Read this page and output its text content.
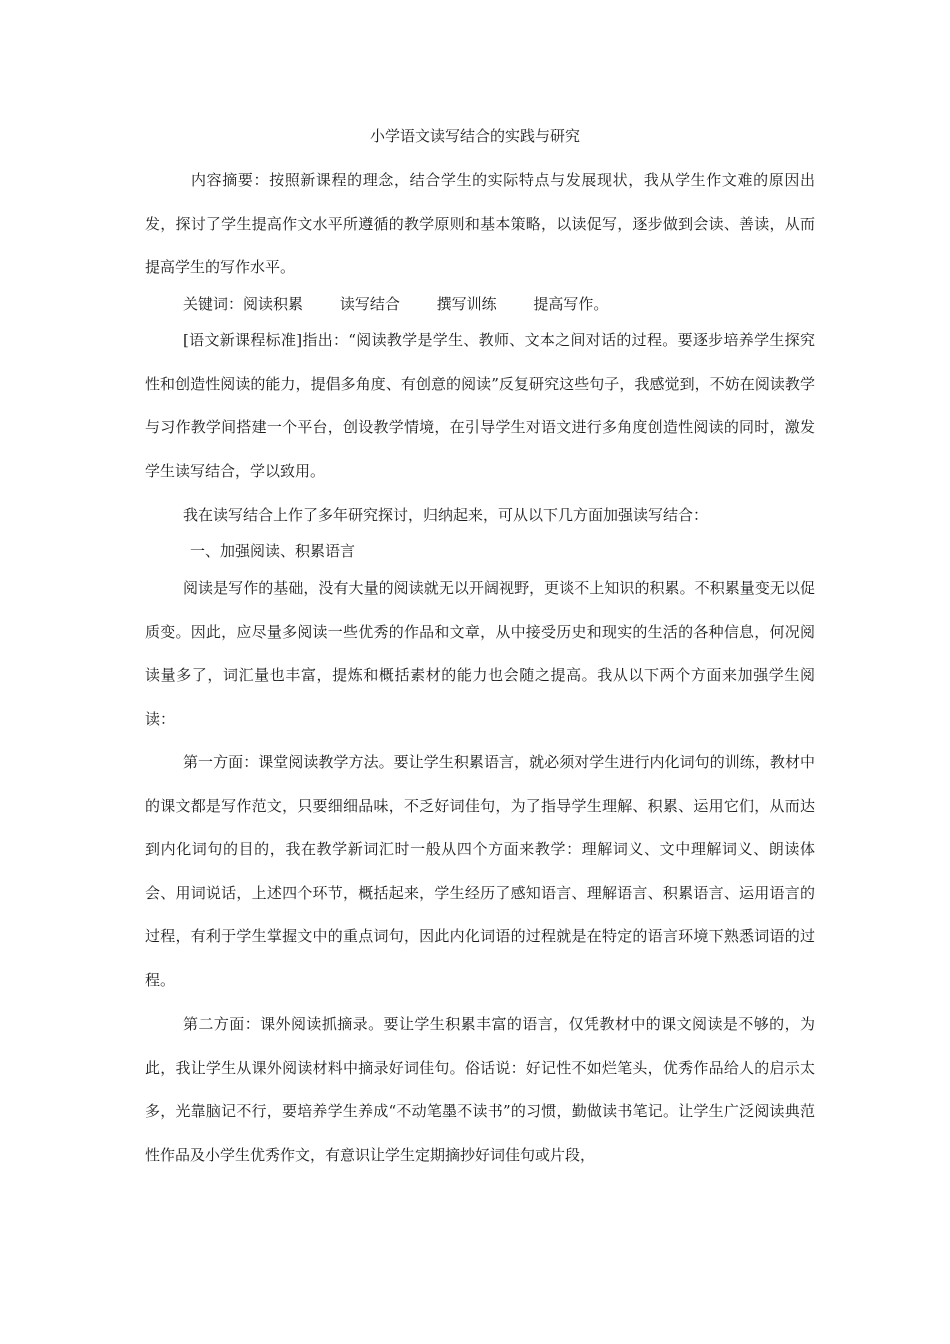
小学语文读写结合的实践与研究

内容摘要：按照新课程的理念，结合学生的实际特点与发展现状，我从学生作文难的原因出发，探讨了学生提高作文水平所遵循的教学原则和基本策略，以读促写，逐步做到会读、善读，从而提高学生的写作水平。

关键词：阅读积累 读写结合 撰写训练 提高写作。

[语文新课程标准]指出：“阅读教学是学生、教师、文本之间对话的过程。要逐步培养学生探究性和创造性阅读的能力，提倡多角度、有创意的阅读”反复研究这些句子，我感觉到，不妨在阅读教学与习作教学间搭建一个平台，创设教学情境，在引导学生对语文进行多角度创造性阅读的同时，激发学生读写结合，学以致用。

我在读写结合上作了多年研究探讨，归纳起来，可从以下几方面加强读写结合：

一、加强阅读、积累语言

阅读是写作的基础，没有大量的阅读就无以开阔视野，更谈不上知识的积累。不积累量变无以促质变。因此，应尽量多阅读一些优秀的作品和文章，从中接受历史和现实的生活的各种信息，何况阅读量多了，词汇量也丰富，提炼和概括素材的能力也会随之提高。我从以下两个方面来加强学生阅读：

第一方面：课堂阅读教学方法。要让学生积累语言，就必须对学生进行内化词句的训练，教材中的课文都是写作范文，只要细细品味，不乏好词佳句，为了指导学生理解、积累、运用它们，从而达到内化词句的目的，我在教学新词汇时一般从四个方面来教学：理解词义、文中理解词义、朗读体会、用词说话，上述四个环节，概括起来，学生经历了感知语言、理解语言、积累语言、运用语言的过程，有利于学生掌握文中的重点词句，因此内化词语的过程就是在特定的语言环境下熟悉词语的过程。

第二方面：课外阅读抓摘录。要让学生积累丰富的语言，仅凭教材中的课文阅读是不够的，为此，我让学生从课外阅读材料中摘录好词佳句。俗话说：好记性不如烂笔头，优秀作品给人的启示太多，光靠脑记不行，要培养学生养成“不动笔墨不读书”的习惯，勤做读书笔记。让学生广泛阅读典范性作品及小学生优秀作文，有意识让学生定期摘抄好词佳句或片段，
